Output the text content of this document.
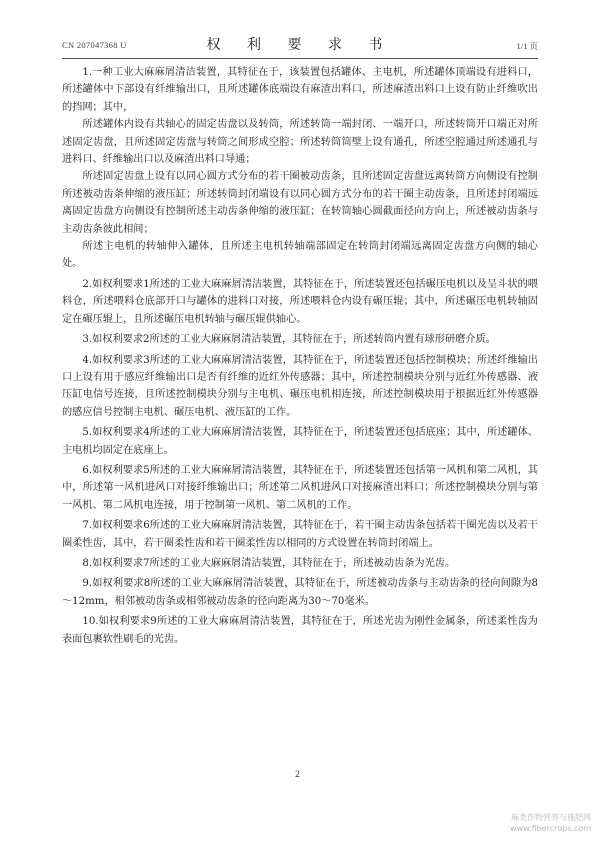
CN 207047368 U	权 利 要 求 书	1/1 页

1.一种工业大麻麻屑清洁装置，其特征在于，该装置包括罐体、主电机，所述罐体顶端设有进料口，所述罐体中下部设有纤维输出口，且所述罐体底端设有麻渣出料口，所述麻渣出料口上设有防止纤维吹出的挡网；其中，

所述罐体内设有共轴心的固定齿盘以及转筒，所述转筒一端封闭、一端开口，所述转筒开口端正对所述固定齿盘，且所述固定齿盘与转筒之间形成空腔；所述转筒筒壁上设有通孔，所述空腔通过所述通孔与进料口、纤维输出口以及麻渣出料口导通；

所述固定齿盘上设有以同心圆方式分布的若干圈被动齿条，且所述固定齿盘远离转筒方向侧设有控制所述被动齿条伸缩的液压缸；所述转筒封闭端设有以同心圆方式分布的若干圈主动齿条，且所述封闭端远离固定齿盘方向侧设有控制所述主动齿条伸缩的液压缸；在转筒轴心圆截面径向方向上，所述被动齿条与主动齿条彼此相间；

所述主电机的转轴伸入罐体，且所述主电机转轴端部固定在转筒封闭端远离固定齿盘方向侧的轴心处。

2.如权利要求1所述的工业大麻麻屑清洁装置，其特征在于，所述装置还包括碾压电机以及呈斗状的喂料仓，所述喂料仓底部开口与罐体的进料口对接，所述喂料仓内设有碾压辊；其中，所述碾压电机转轴固定在碾压辊上，且所述碾压电机转轴与碾压辊供轴心。

3.如权利要求2所述的工业大麻麻屑清洁装置，其特征在于，所述转筒内置有球形研磨介质。

4.如权利要求3所述的工业大麻麻屑清洁装置，其特征在于，所述装置还包括控制模块；所述纤维输出口上设有用于感应纤维输出口是否有纤维的近红外传感器；其中，所述控制模块分别与近红外传感器、液压缸电信号连接，且所述控制模块分别与主电机、碾压电机相连接，所述控制模块用于根据近红外传感器的感应信号控制主电机、碾压电机、液压缸的工作。

5.如权利要求4所述的工业大麻麻屑清洁装置，其特征在于，所述装置还包括底座；其中，所述罐体、主电机均固定在底座上。

6.如权利要求5所述的工业大麻麻屑清洁装置，其特征在于，所述装置还包括第一风机和第二风机，其中，所述第一风机进风口对接纤维输出口；所述第二风机进风口对接麻渣出料口；所述控制模块分别与第一风机、第二风机电连接，用于控制第一风机、第二风机的工作。

7.如权利要求6所述的工业大麻麻屑清洁装置，其特征在于，若干圈主动齿条包括若干圈光齿以及若干圈柔性齿，其中，若干圈柔性齿和若干圈柔性齿以相同的方式设置在转筒封闭端上。

8.如权利要求7所述的工业大麻麻屑清洁装置，其特征在于，所述被动齿条为光齿。

9.如权利要求8所述的工业大麻麻屑清洁装置，其特征在于，所述被动齿条与主动齿条的径向间隙为8～12mm，相邻被动齿条或相邻被动齿条的径向距离为30～70毫米。

10.如权利要求9所述的工业大麻麻屑清洁装置，其特征在于，所述光齿为刚性金属条，所述柔性齿为表面包裹软性刷毛的光齿。

2
麻类作物营养与施肥网
www.fibercrops.com
